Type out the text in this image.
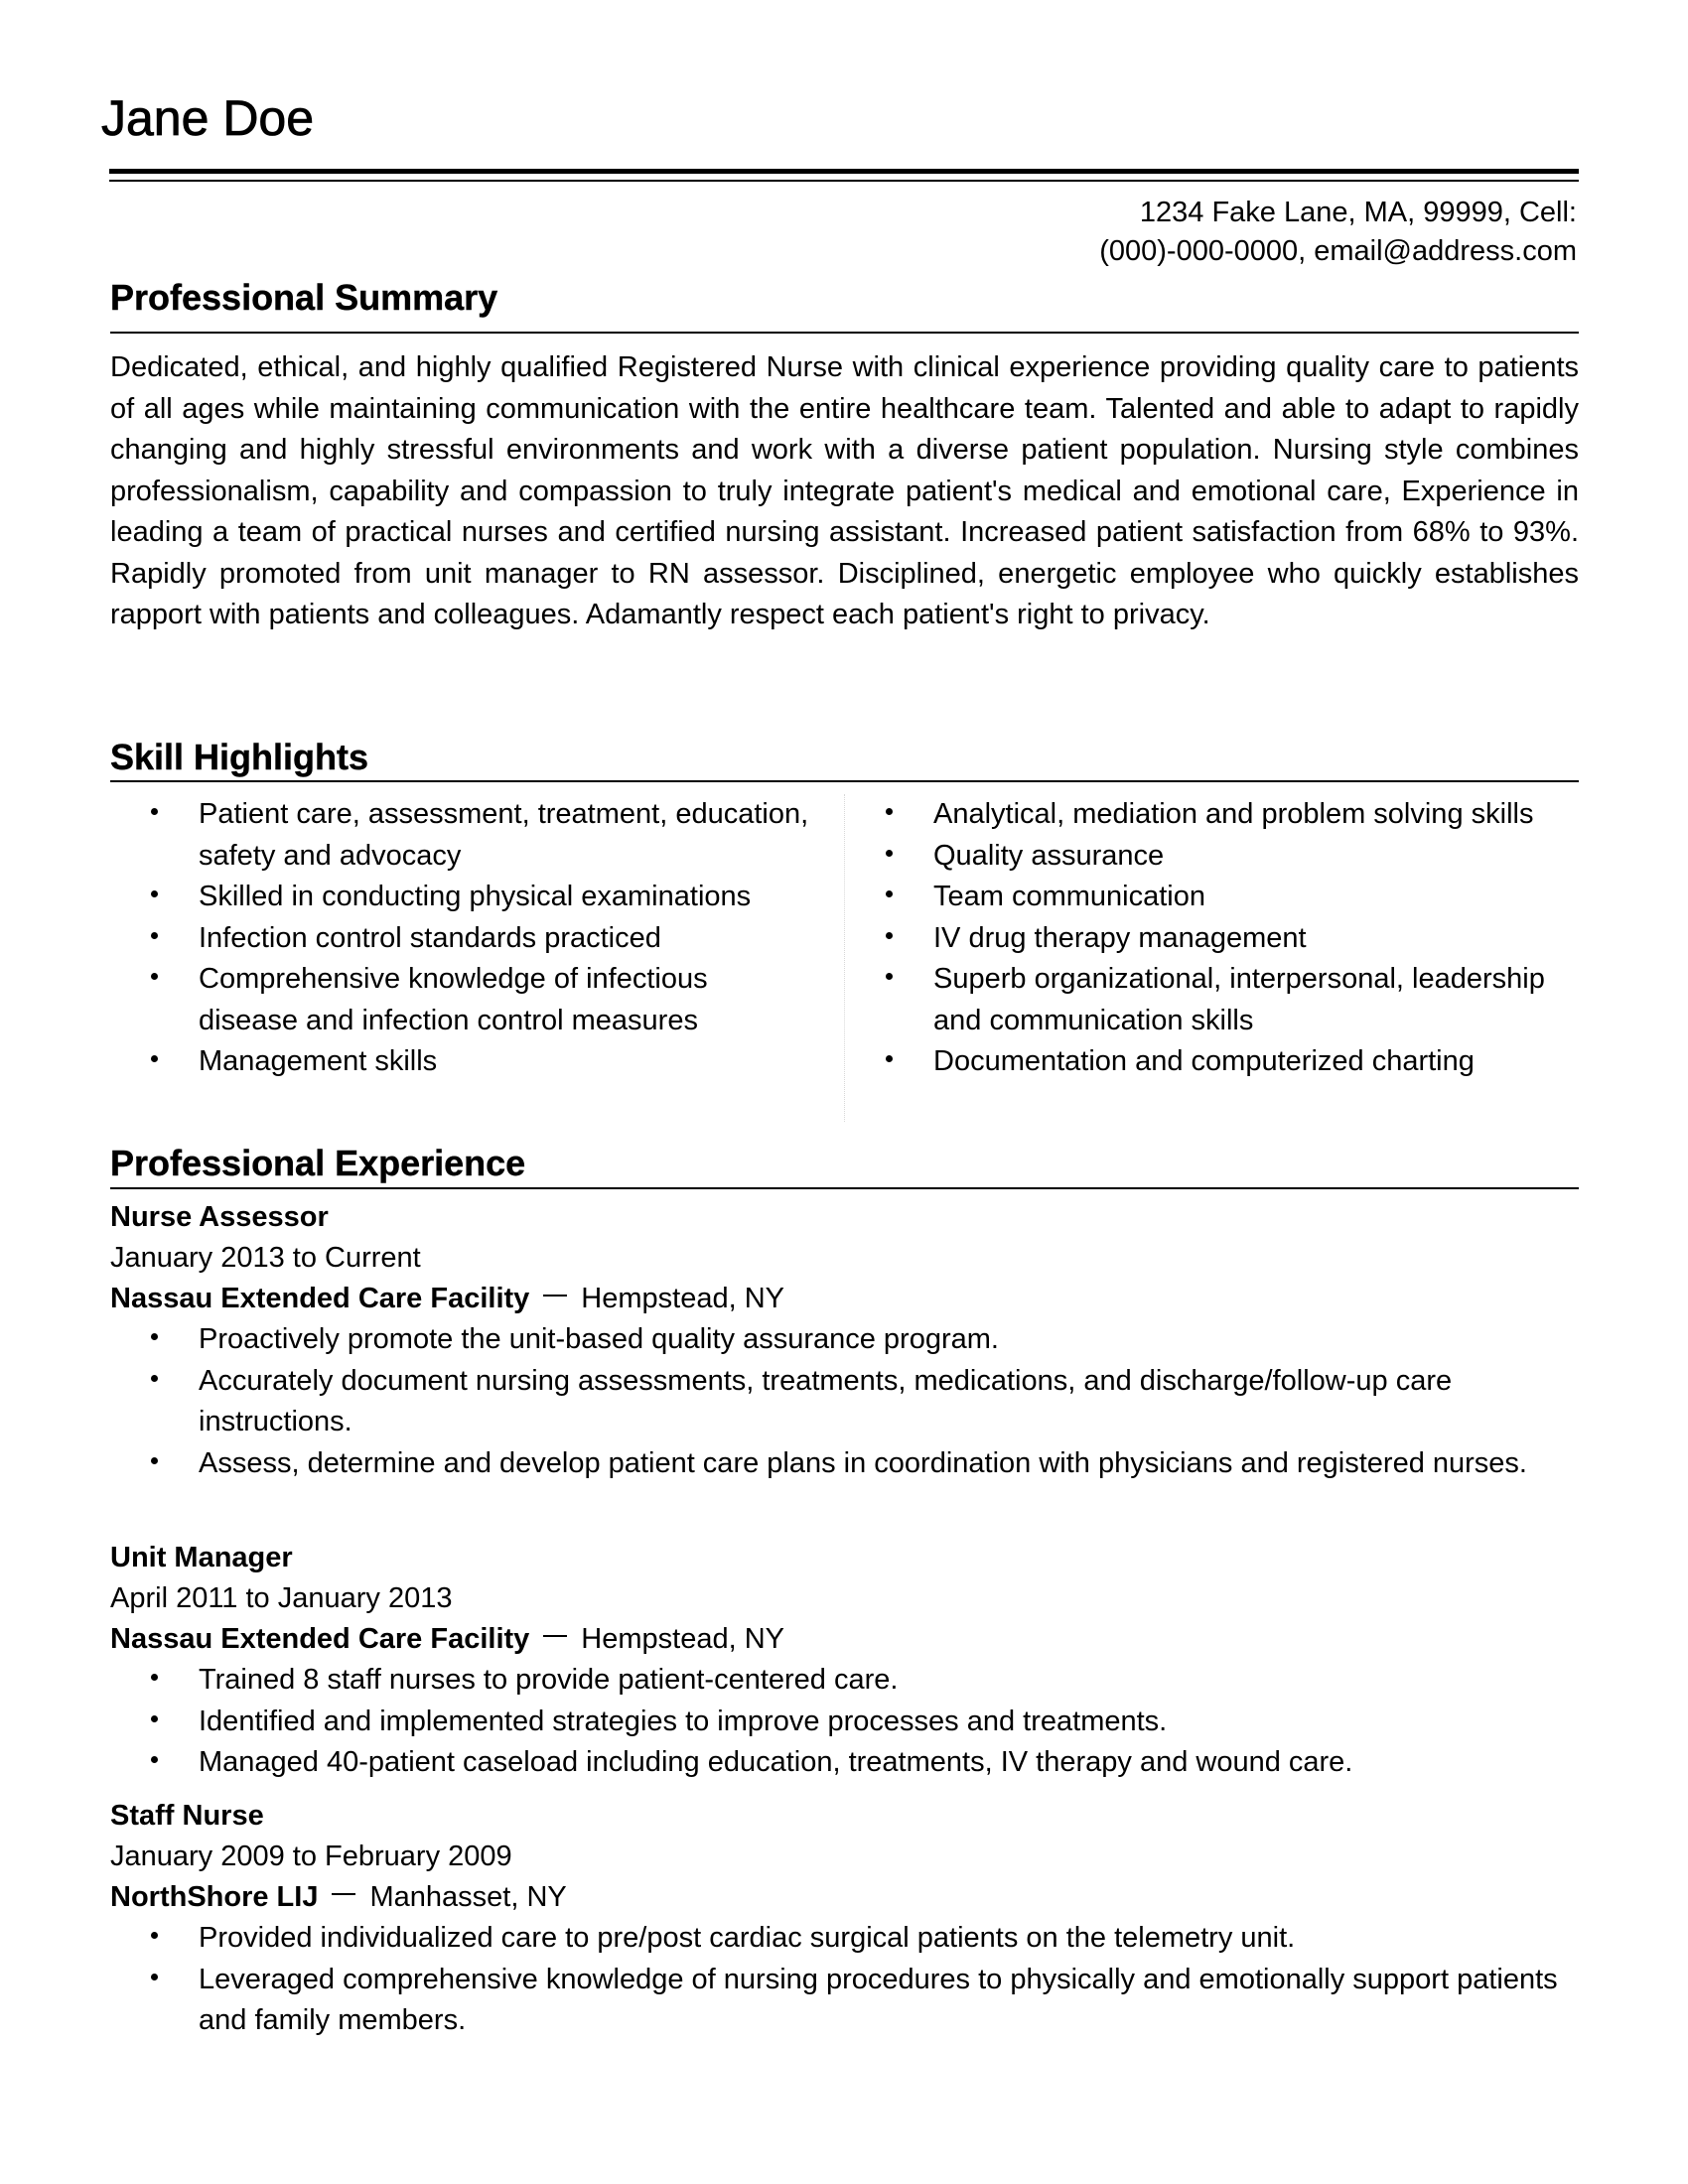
Jane Doe
1234 Fake Lane, MA, 99999, Cell:
(000)-000-0000, email@address.com
Professional Summary

Dedicated, ethical, and highly qualified Registered Nurse with clinical experience providing quality care to patients of all ages while maintaining communication with the entire healthcare team. Talented and able to adapt to rapidly changing and highly stressful environments and work with a diverse patient population. Nursing style combines professionalism, capability and compassion to truly integrate patient's medical and emotional care, Experience in leading a team of practical nurses and certified nursing assistant. Increased patient satisfaction from 68% to 93%. Rapidly promoted from unit manager to RN assessor. Disciplined, energetic employee who quickly establishes rapport with patients and colleagues. Adamantly respect each patient's right to privacy.

Skill Highlights
Patient care, assessment, treatment, education, safety and advocacy
Skilled in conducting physical examinations
Infection control standards practiced
Comprehensive knowledge of infectious disease and infection control measures
Management skills
Analytical, mediation and problem solving skills
Quality assurance
Team communication
IV drug therapy management
Superb organizational, interpersonal, leadership and communication skills
Documentation and computerized charting
Professional Experience
Nurse Assessor
January 2013 to Current
Nassau Extended Care Facility Hempstead, NY
Proactively promote the unit-based quality assurance program.
Accurately document nursing assessments, treatments, medications, and discharge/follow-up care instructions.
Assess, determine and develop patient care plans in coordination with physicians and registered nurses.
Unit Manager
April 2011 to January 2013
Nassau Extended Care Facility Hempstead, NY
Trained 8 staff nurses to provide patient-centered care.
Identified and implemented strategies to improve processes and treatments.
Managed 40-patient caseload including education, treatments, IV therapy and wound care.
Staff Nurse
January 2009 to February 2009
NorthShore LIJ Manhasset, NY
Provided individualized care to pre/post cardiac surgical patients on the telemetry unit.
Leveraged comprehensive knowledge of nursing procedures to physically and emotionally support patients and family members.
